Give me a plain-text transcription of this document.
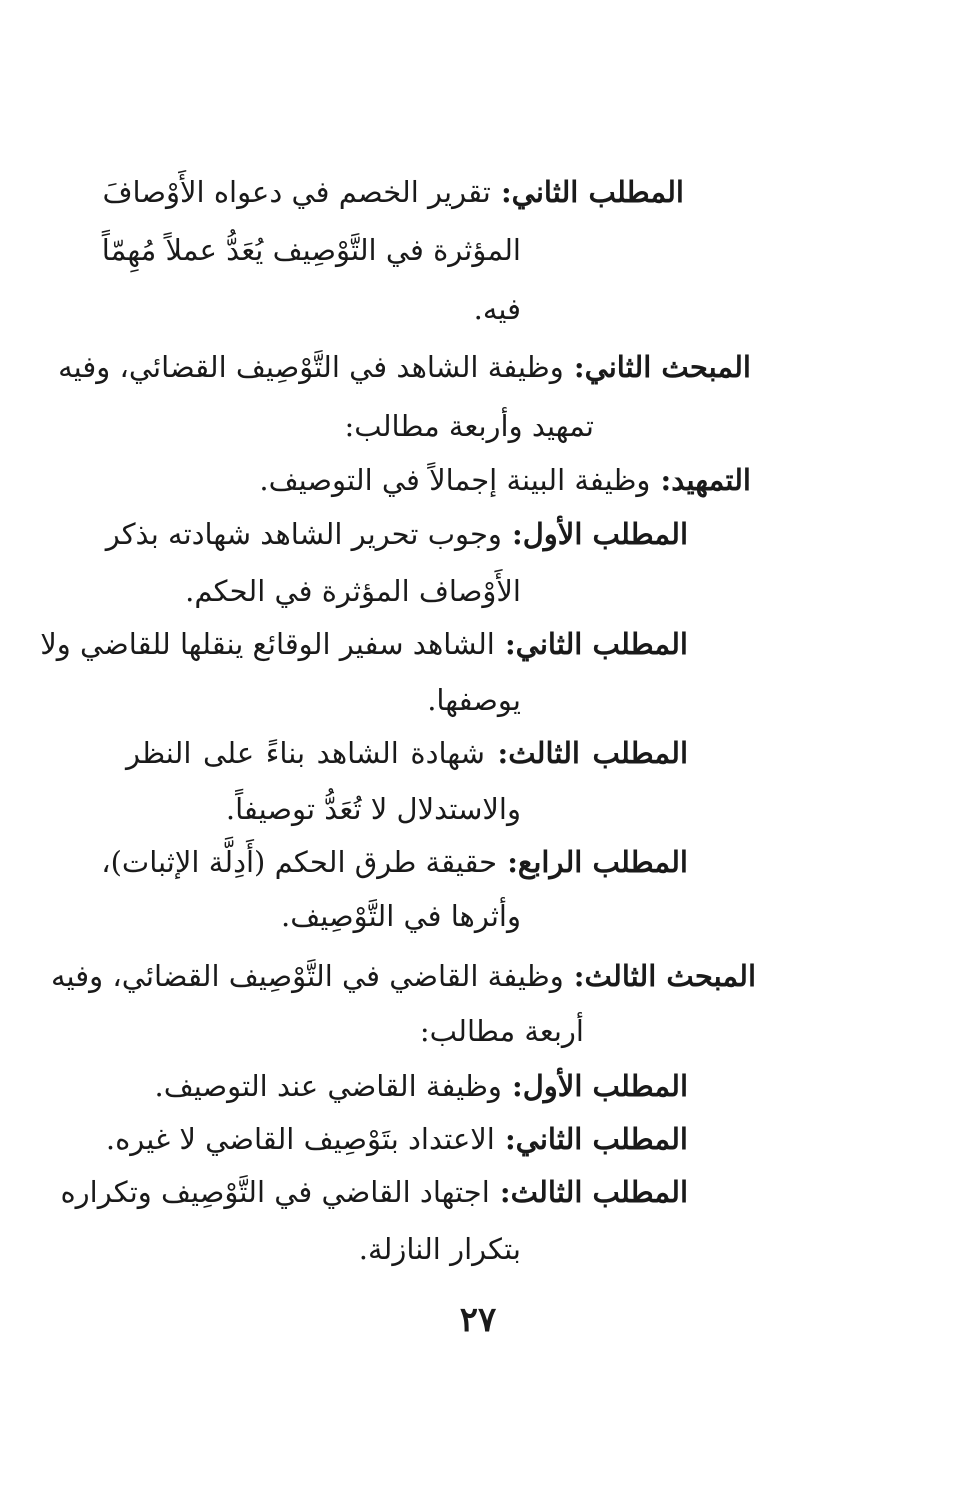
المطلب الثاني: تقرير الخصم في دعواه الأَوْصافَ
المؤثرة في التَّوْصِيف يُعَدُّ عملاً مُهِمّاً
فيه.
المبحث الثاني: وظيفة الشاهد في التَّوْصِيف القضائي، وفيه
تمهيد وأربعة مطالب:
التمهيد: وظيفة البينة إجمالاً في التوصيف.
المطلب الأول: وجوب تحرير الشاهد شهادته بذكر
الأَوْصاف المؤثرة في الحكم.
المطلب الثاني: الشاهد سفير الوقائع ينقلها للقاضي ولا
يوصفها.
المطلب الثالث: شهادة الشاهد بناءً على النظر
والاستدلال لا تُعَدُّ توصيفاً.
المطلب الرابع: حقيقة طرق الحكم (أَدِلَّة الإثبات)،
وأثرها في التَّوْصِيف.
المبحث الثالث: وظيفة القاضي في التَّوْصِيف القضائي، وفيه
أربعة مطالب:
المطلب الأول: وظيفة القاضي عند التوصيف.
المطلب الثاني: الاعتداد بتَوْصِيف القاضي لا غيره.
المطلب الثالث: اجتهاد القاضي في التَّوْصِيف وتكراره
بتكرار النازلة.
٢٧
